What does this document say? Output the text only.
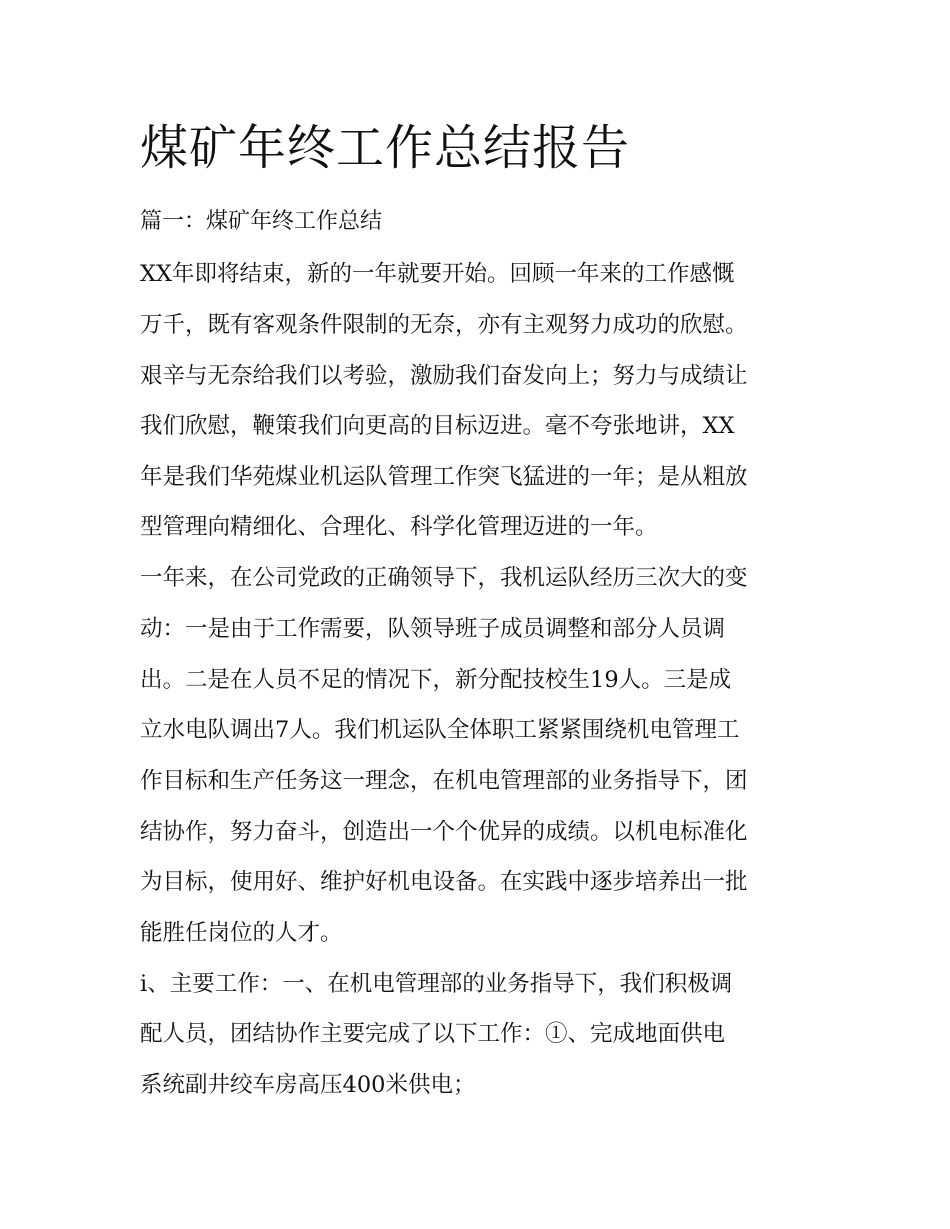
煤矿年终工作总结报告

篇一：煤矿年终工作总结

XX年即将结束，新的一年就要开始。回顾一年来的工作感慨

万千，既有客观条件限制的无奈，亦有主观努力成功的欣慰。

艰辛与无奈给我们以考验，激励我们奋发向上；努力与成绩让

我们欣慰，鞭策我们向更高的目标迈进。毫不夸张地讲，XX

年是我们华苑煤业机运队管理工作突飞猛进的一年；是从粗放

型管理向精细化、合理化、科学化管理迈进的一年。

一年来，在公司党政的正确领导下，我机运队经历三次大的变

动：一是由于工作需要，队领导班子成员调整和部分人员调

出。二是在人员不足的情况下，新分配技校生19人。三是成

立水电队调出7人。我们机运队全体职工紧紧围绕机电管理工

作目标和生产任务这一理念，在机电管理部的业务指导下，团

结协作，努力奋斗，创造出一个个优异的成绩。以机电标准化

为目标，使用好、维护好机电设备。在实践中逐步培养出一批

能胜任岗位的人才。

i、主要工作：一、在机电管理部的业务指导下，我们积极调

配人员，团结协作主要完成了以下工作：①、完成地面供电

系统副井绞车房高压400米供电；
